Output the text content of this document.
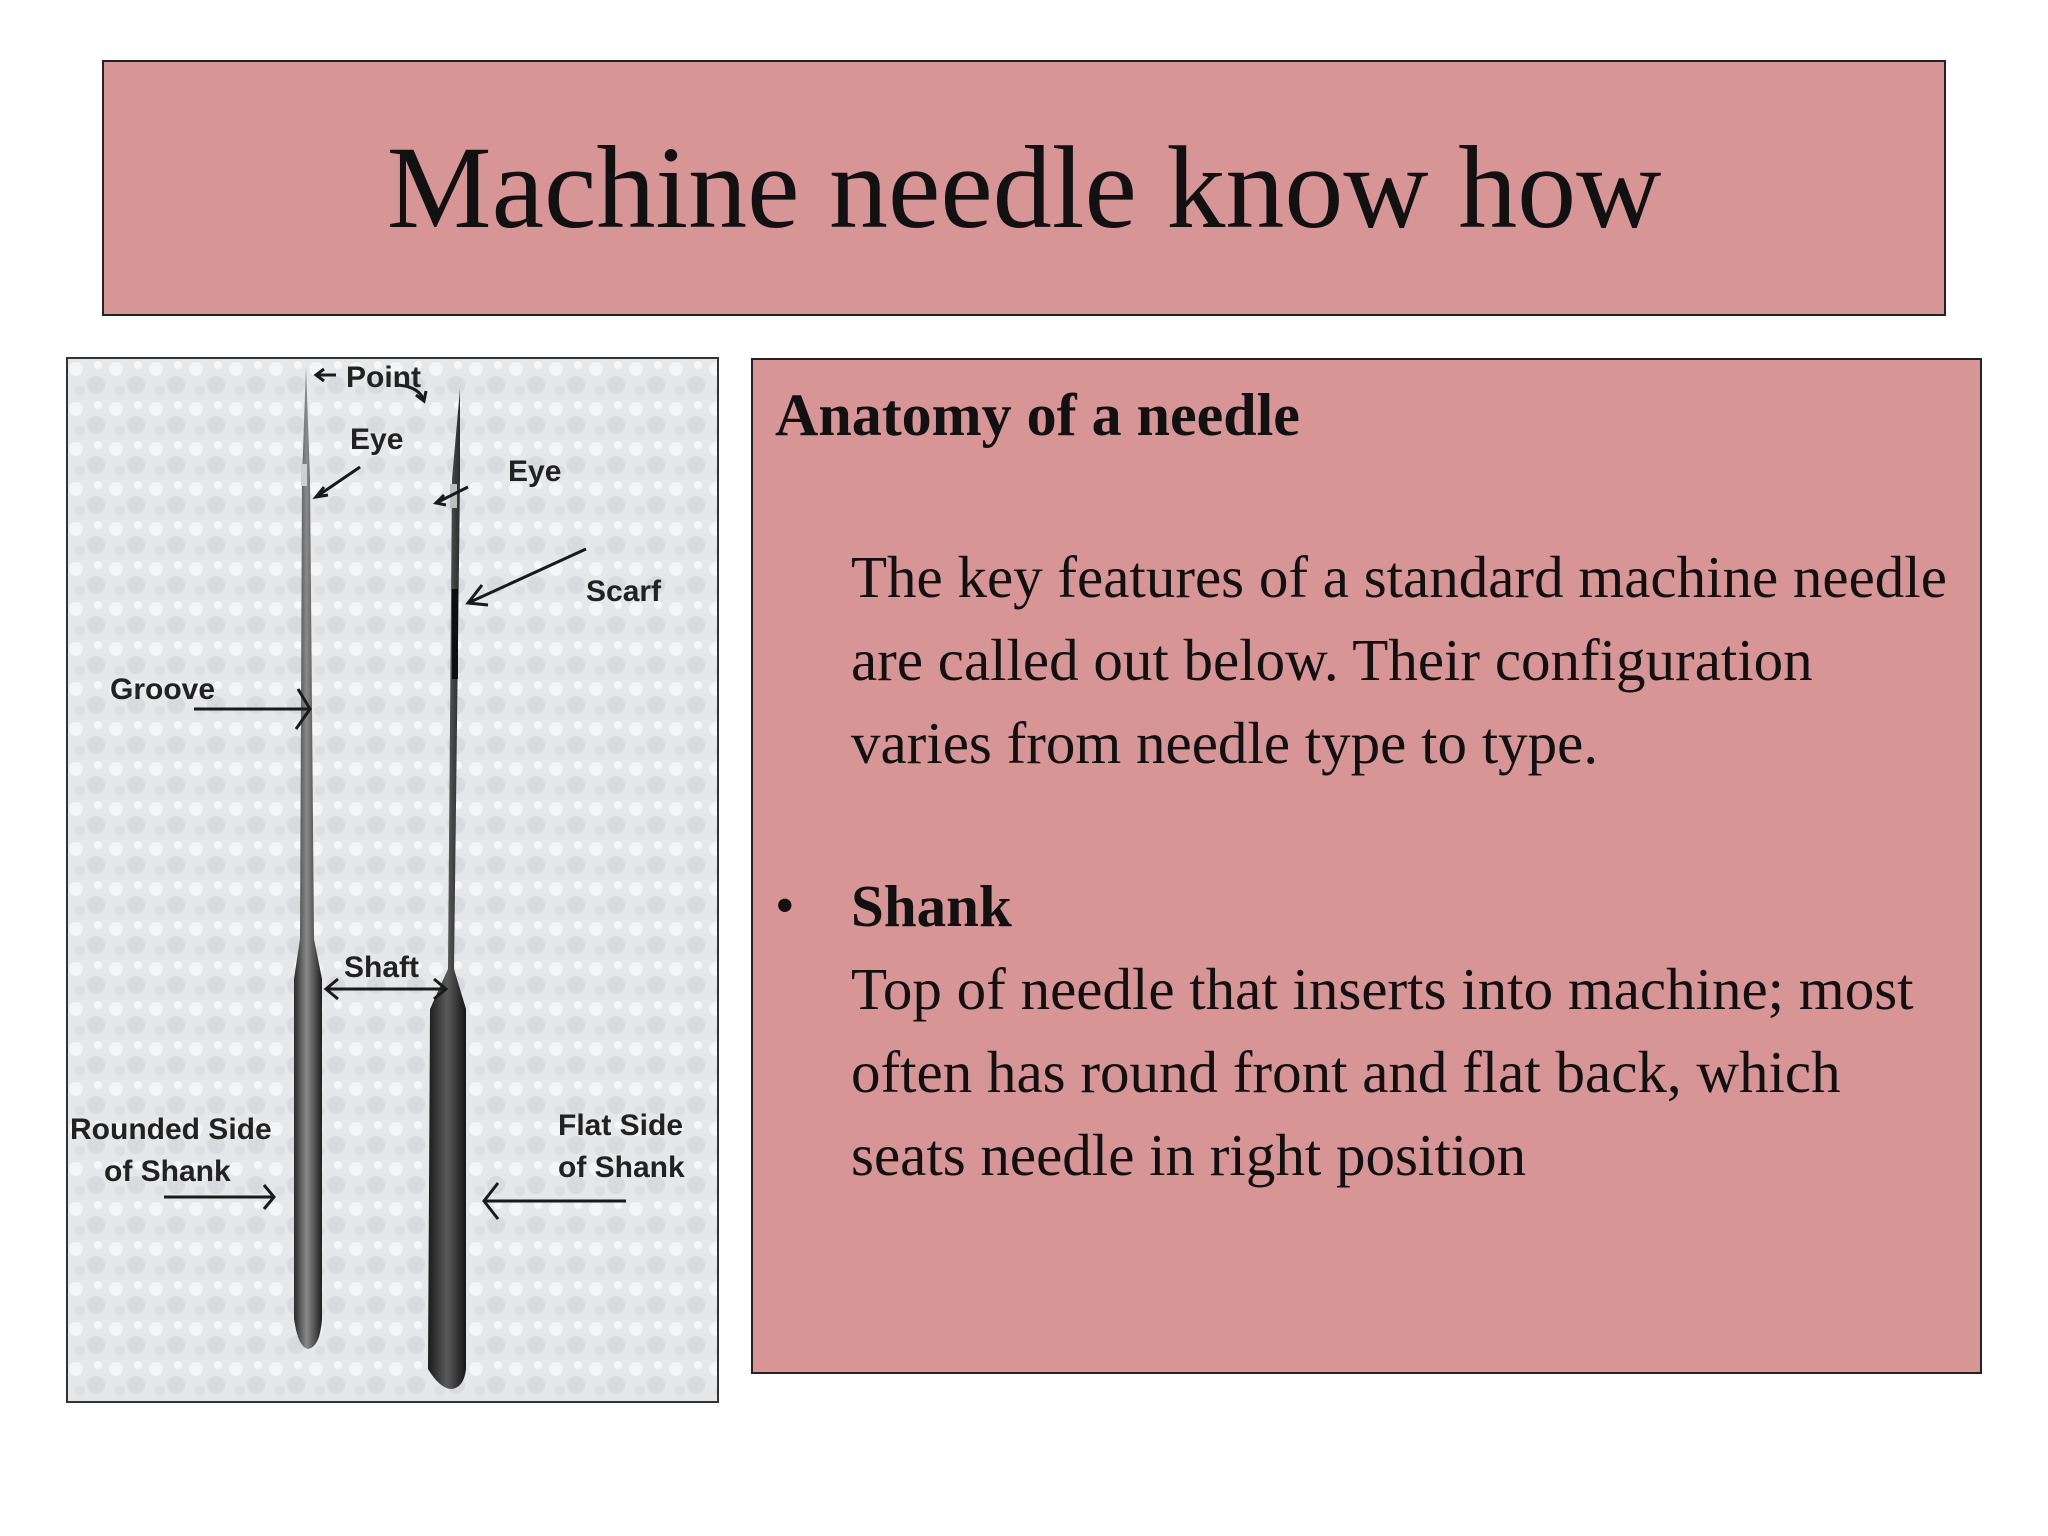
Machine needle know how
Point
Eye
Eye
Scarf
Groove
Shaft
Rounded Side
of Shank
Flat Side
of Shank

Anatomy of a needle

The key features of a standard machine needle are called out below. Their configuration varies from needle type to type.

• Shank
Top of needle that inserts into machine; most often has round front and flat back, which seats needle in right position
